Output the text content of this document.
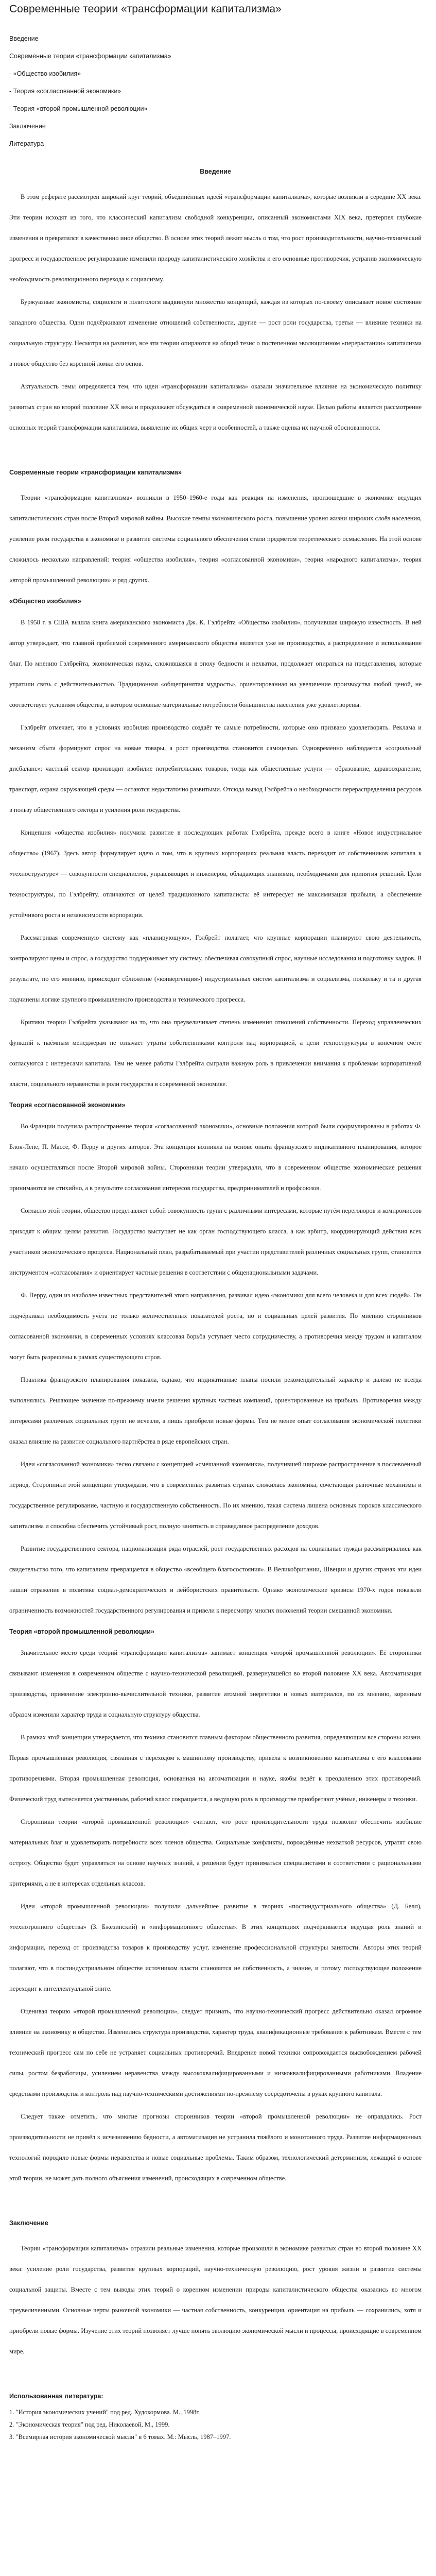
Современные теории «трансформации капитализма»
Введение
Современные теории «трансформации капитализма»
- «Общество изобилия»
- Теория «согласованной экономики»
- Теория «второй промышленной революции»
Заключение
Литература
Введение

В этом реферате рассмотрен широкий круг теорий, объединённых идеей «трансформации капитализма», которые возникли в середине XX века. Эти теории исходят из того, что классический капитализм свободной конкуренции, описанный экономистами XIX века, претерпел глубокие изменения и превратился в качественно иное общество. В основе этих теорий лежит мысль о том, что рост производительности, научно-технический прогресс и государственное регулирование изменили природу капиталистического хозяйства и его основные противоречия, устранив экономическую необходимость революционного перехода к социализму.

Буржуазные экономисты, социологи и политологи выдвинули множество концепций, каждая из которых по-своему описывает новое состояние западного общества. Одни подчёркивают изменение отношений собственности, другие — рост роли государства, третьи — влияние техники на социальную структуру. Несмотря на различия, все эти теории опираются на общий тезис о постепенном эволюционном «перерастании» капитализма в новое общество без коренной ломки его основ.

Актуальность темы определяется тем, что идеи «трансформации капитализма» оказали значительное влияние на экономическую политику развитых стран во второй половине XX века и продолжают обсуждаться в современной экономической науке. Целью работы является рассмотрение основных теорий трансформации капитализма, выявление их общих черт и особенностей, а также оценка их научной обоснованности.

Современные теории «трансформации капитализма»

Теории «трансформации капитализма» возникли в 1950–1960-е годы как реакция на изменения, произошедшие в экономике ведущих капиталистических стран после Второй мировой войны. Высокие темпы экономического роста, повышение уровня жизни широких слоёв населения, усиление роли государства в экономике и развитие системы социального обеспечения стали предметом теоретического осмысления. На этой основе сложилось несколько направлений: теория «общества изобилия», теория «согласованной экономики», теория «народного капитализма», теория «второй промышленной революции» и ряд других.

«Общество изобилия»

В 1958 г. в США вышла книга американского экономиста Дж. К. Гэлбрейта «Общество изобилия», получившая широкую известность. В ней автор утверждает, что главной проблемой современного американского общества является уже не производство, а распределение и использование благ. По мнению Гэлбрейта, экономическая наука, сложившаяся в эпоху бедности и нехватки, продолжает опираться на представления, которые утратили связь с действительностью. Традиционная «общепринятая мудрость», ориентированная на увеличение производства любой ценой, не соответствует условиям общества, в котором основные материальные потребности большинства населения уже удовлетворены.

Гэлбрейт отмечает, что в условиях изобилия производство создаёт те самые потребности, которые оно призвано удовлетворять. Реклама и механизм сбыта формируют спрос на новые товары, а рост производства становится самоцелью. Одновременно наблюдается «социальный дисбаланс»: частный сектор производит изобилие потребительских товаров, тогда как общественные услуги — образование, здравоохранение, транспорт, охрана окружающей среды — остаются недостаточно развитыми. Отсюда вывод Гэлбрейта о необходимости перераспределения ресурсов в пользу общественного сектора и усиления роли государства.

Концепция «общества изобилия» получила развитие в последующих работах Гэлбрейта, прежде всего в книге «Новое индустриальное общество» (1967). Здесь автор формулирует идею о том, что в крупных корпорациях реальная власть переходит от собственников капитала к «техноструктуре» — совокупности специалистов, управляющих и инженеров, обладающих знаниями, необходимыми для принятия решений. Цели техноструктуры, по Гэлбрейту, отличаются от целей традиционного капиталиста: её интересует не максимизация прибыли, а обеспечение устойчивого роста и независимости корпорации.

Рассматривая современную систему как «планирующую», Гэлбрейт полагает, что крупные корпорации планируют свою деятельность, контролируют цены и спрос, а государство поддерживает эту систему, обеспечивая совокупный спрос, научные исследования и подготовку кадров. В результате, по его мнению, происходит сближение («конвергенция») индустриальных систем капитализма и социализма, поскольку и та и другая подчинены логике крупного промышленного производства и технического прогресса.

Критики теории Гэлбрейта указывают на то, что она преувеличивает степень изменения отношений собственности. Переход управленческих функций к наёмным менеджерам не означает утраты собственниками контроля над корпорацией, а цели техноструктуры в конечном счёте согласуются с интересами капитала. Тем не менее работы Гэлбрейта сыграли важную роль в привлечении внимания к проблемам корпоративной власти, социального неравенства и роли государства в современной экономике.

Теория «согласованной экономики»

Во Франции получила распространение теория «согласованной экономики», основные положения которой были сформулированы в работах Ф. Блок-Лене, П. Массе, Ф. Перру и других авторов. Эта концепция возникла на основе опыта французского индикативного планирования, которое начало осуществляться после Второй мировой войны. Сторонники теории утверждали, что в современном обществе экономические решения принимаются не стихийно, а в результате согласования интересов государства, предпринимателей и профсоюзов.

Согласно этой теории, общество представляет собой совокупность групп с различными интересами, которые путём переговоров и компромиссов приходят к общим целям развития. Государство выступает не как орган господствующего класса, а как арбитр, координирующий действия всех участников экономического процесса. Национальный план, разрабатываемый при участии представителей различных социальных групп, становится инструментом «согласования» и ориентирует частные решения в соответствии с общенациональными задачами.

Ф. Перру, один из наиболее известных представителей этого направления, развивал идею «экономики для всего человека и для всех людей». Он подчёркивал необходимость учёта не только количественных показателей роста, но и социальных целей развития. По мнению сторонников согласованной экономики, в современных условиях классовая борьба уступает место сотрудничеству, а противоречия между трудом и капиталом могут быть разрешены в рамках существующего строя.

Практика французского планирования показала, однако, что индикативные планы носили рекомендательный характер и далеко не всегда выполнялись. Решающее значение по-прежнему имели решения крупных частных компаний, ориентированные на прибыль. Противоречия между интересами различных социальных групп не исчезли, а лишь приобрели новые формы. Тем не менее опыт согласования экономической политики оказал влияние на развитие социального партнёрства в ряде европейских стран.

Идеи «согласованной экономики» тесно связаны с концепцией «смешанной экономики», получившей широкое распространение в послевоенный период. Сторонники этой концепции утверждали, что в современных развитых странах сложилась экономика, сочетающая рыночные механизмы и государственное регулирование, частную и государственную собственность. По их мнению, такая система лишена основных пороков классического капитализма и способна обеспечить устойчивый рост, полную занятость и справедливое распределение доходов.

Развитие государственного сектора, национализация ряда отраслей, рост государственных расходов на социальные нужды рассматривались как свидетельство того, что капитализм превращается в общество «всеобщего благосостояния». В Великобритании, Швеции и других странах эти идеи нашли отражение в политике социал-демократических и лейбористских правительств. Однако экономические кризисы 1970-х годов показали ограниченность возможностей государственного регулирования и привели к пересмотру многих положений теории смешанной экономики.

Теория «второй промышленной революции»

Значительное место среди теорий «трансформации капитализма» занимает концепция «второй промышленной революции». Её сторонники связывают изменения в современном обществе с научно-технической революцией, развернувшейся во второй половине XX века. Автоматизация производства, применение электронно-вычислительной техники, развитие атомной энергетики и новых материалов, по их мнению, коренным образом изменили характер труда и социальную структуру общества.

В рамках этой концепции утверждается, что техника становится главным фактором общественного развития, определяющим все стороны жизни. Первая промышленная революция, связанная с переходом к машинному производству, привела к возникновению капитализма с его классовыми противоречиями. Вторая промышленная революция, основанная на автоматизации и науке, якобы ведёт к преодолению этих противоречий. Физический труд вытесняется умственным, рабочий класс сокращается, а ведущую роль в производстве приобретают учёные, инженеры и техники.

Сторонники теории «второй промышленной революции» считают, что рост производительности труда позволит обеспечить изобилие материальных благ и удовлетворить потребности всех членов общества. Социальные конфликты, порождённые нехваткой ресурсов, утратят свою остроту. Общество будет управляться на основе научных знаний, а решения будут приниматься специалистами в соответствии с рациональными критериями, а не в интересах отдельных классов.

Идеи «второй промышленной революции» получили дальнейшее развитие в теориях «постиндустриального общества» (Д. Белл), «технотронного общества» (З. Бжезинский) и «информационного общества». В этих концепциях подчёркивается ведущая роль знаний и информации, переход от производства товаров к производству услуг, изменение профессиональной структуры занятости. Авторы этих теорий полагают, что в постиндустриальном обществе источником власти становится не собственность, а знание, и потому господствующее положение переходит к интеллектуальной элите.

Оценивая теорию «второй промышленной революции», следует признать, что научно-технический прогресс действительно оказал огромное влияние на экономику и общество. Изменились структура производства, характер труда, квалификационные требования к работникам. Вместе с тем технический прогресс сам по себе не устраняет социальных противоречий. Внедрение новой техники сопровождается высвобождением рабочей силы, ростом безработицы, усилением неравенства между высококвалифицированными и низкоквалифицированными работниками. Владение средствами производства и контроль над научно-техническими достижениями по-прежнему сосредоточены в руках крупного капитала.

Следует также отметить, что многие прогнозы сторонников теории «второй промышленной революции» не оправдались. Рост производительности не привёл к исчезновению бедности, а автоматизация не устранила тяжёлого и монотонного труда. Развитие информационных технологий породило новые формы неравенства и новые социальные проблемы. Таким образом, технологический детерминизм, лежащий в основе этой теории, не может дать полного объяснения изменений, происходящих в современном обществе.

Заключение

Теории «трансформации капитализма» отразили реальные изменения, которые произошли в экономике развитых стран во второй половине XX века: усиление роли государства, развитие крупных корпораций, научно-техническую революцию, рост уровня жизни и развитие системы социальной защиты. Вместе с тем выводы этих теорий о коренном изменении природы капиталистического общества оказались во многом преувеличенными. Основные черты рыночной экономики — частная собственность, конкуренция, ориентация на прибыль — сохранились, хотя и приобрели новые формы. Изучение этих теорий позволяет лучше понять эволюцию экономической мысли и процессы, происходящие в современном мире.

Использованная литература:
1. "История экономических учений" под ред. Худокормова. М., 1998г.
2. "Экономическая теория" под ред. Николаевой, М., 1999.
3. "Всемирная история экономической мысли" в 6 томах. М.: Мысль, 1987–1997.
